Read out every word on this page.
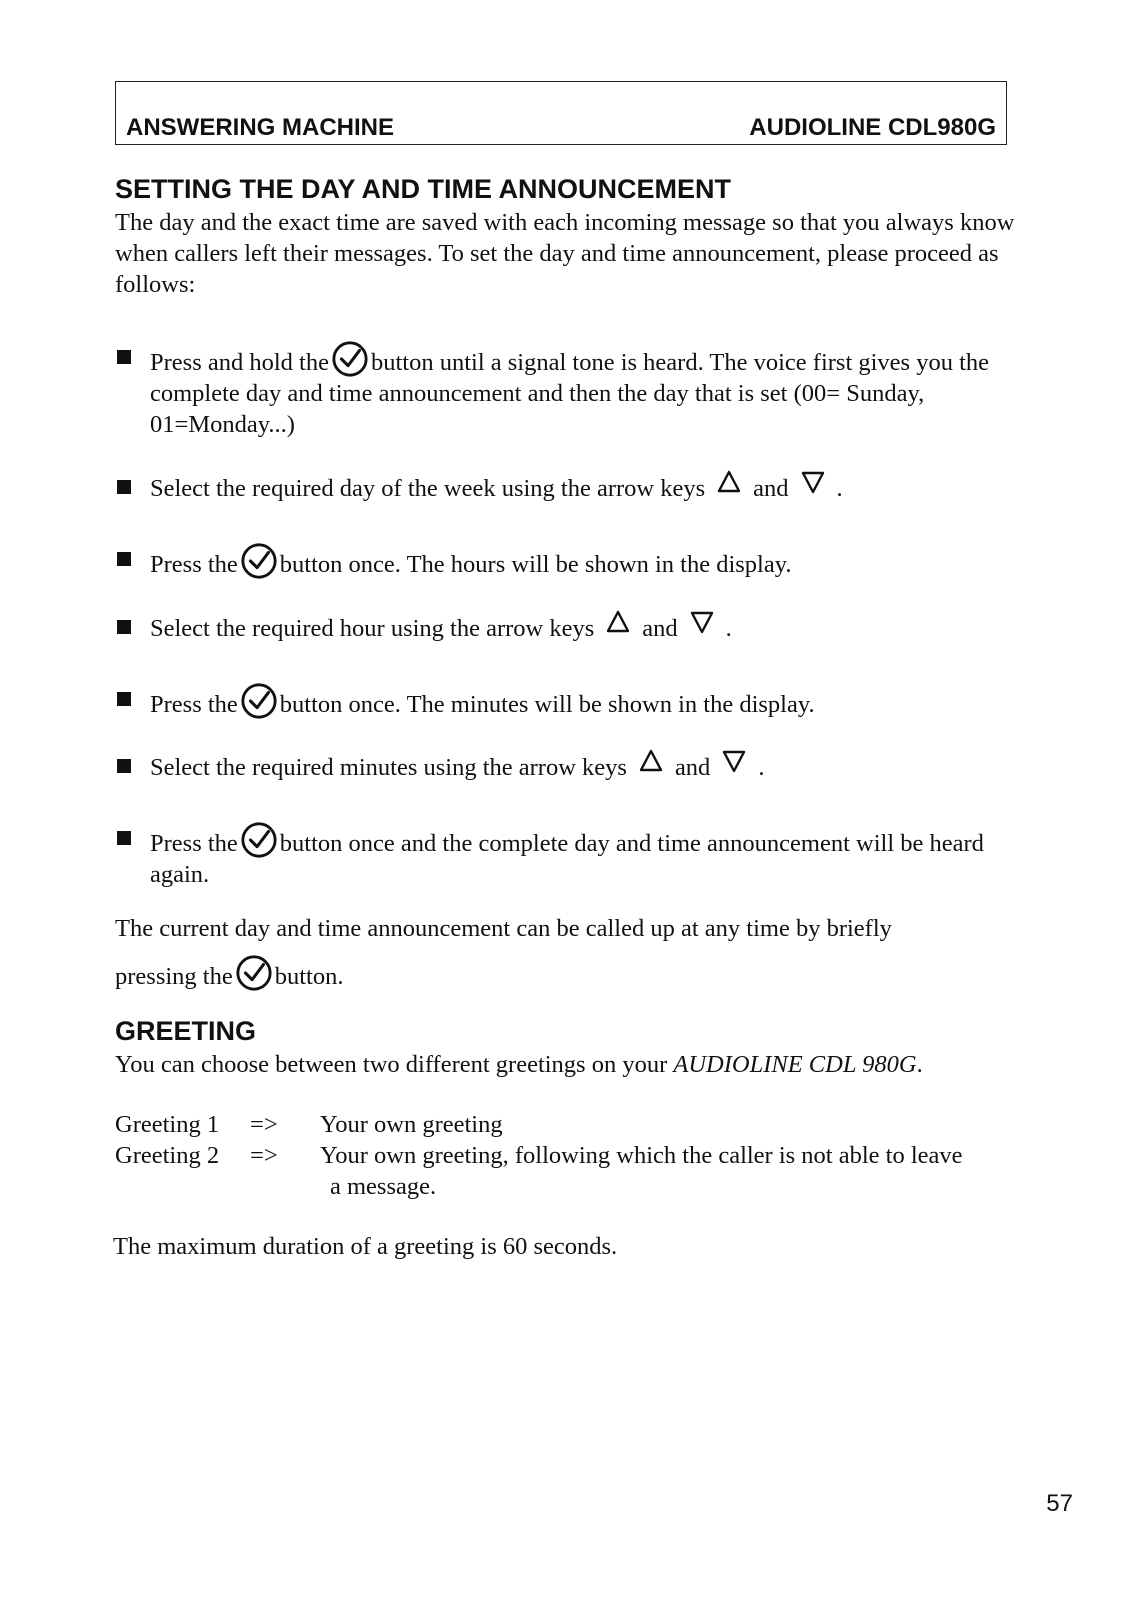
ANSWERING MACHINE	AUDIOLINE CDL980G
SETTING THE DAY AND TIME ANNOUNCEMENT

The day and the exact time are saved with each incoming message so that you always know when callers left their messages. To set the day and time announcement, please proceed as follows:

Press and hold the button until a signal tone is heard. The voice first gives you the complete day and time announcement and then the day that is set (00= Sunday, 01=Monday...)
Select the required day of the week using the arrow keys and .
Press the button once. The hours will be shown in the display.
Select the required hour using the arrow keys and .
Press the button once. The minutes will be shown in the display.
Select the required minutes using the arrow keys and .
Press the button once and the complete day and time announcement will be heard again.

The current day and time announcement can be called up at any time by briefly
pressing the button.

GREETING

You can choose between two different greetings on your AUDIOLINE CDL 980G.

Greeting 1 => Your own greeting
Greeting 2 => Your own greeting, following which the caller is not able to leave
a message.

The maximum duration of a greeting is 60 seconds.

57
